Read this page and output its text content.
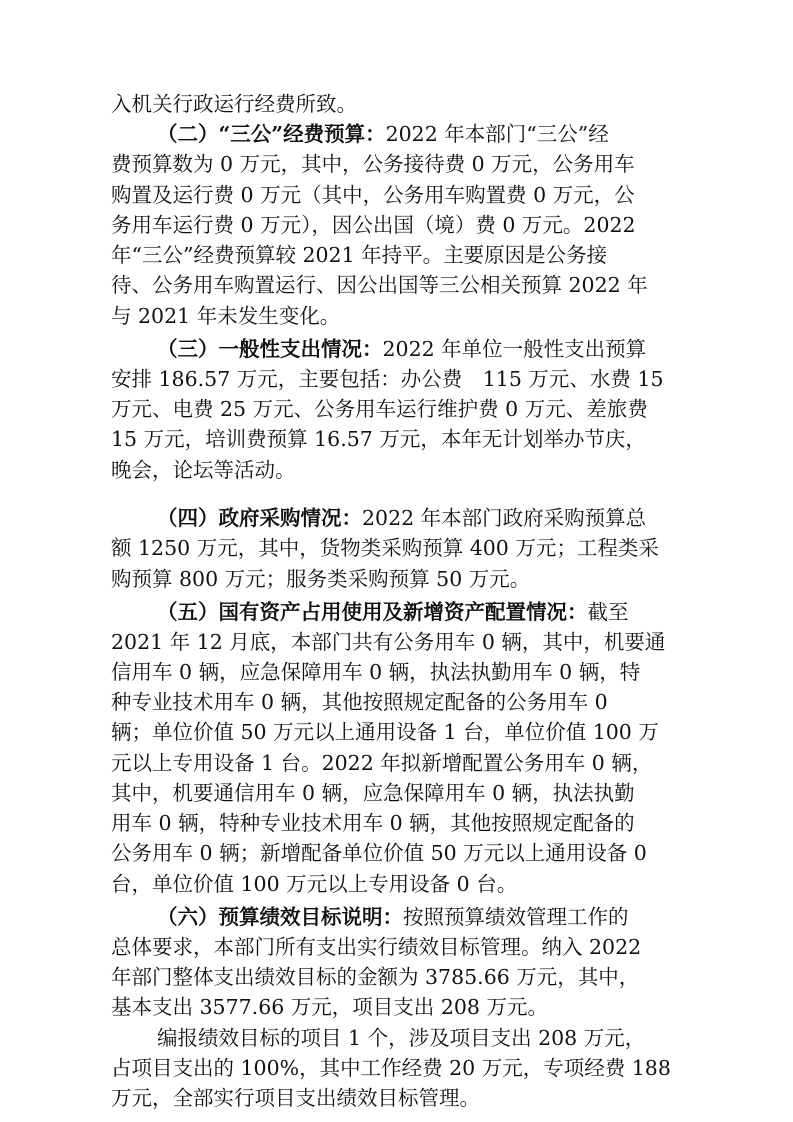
入机关行政运行经费所致。
（二）“三公”经费预算：2022 年本部门“三公”经
费预算数为 0 万元，其中，公务接待费 0 万元，公务用车
购置及运行费 0 万元（其中，公务用车购置费 0 万元，公
务用车运行费 0 万元），因公出国（境）费 0 万元。2022
年“三公”经费预算较 2021 年持平。主要原因是公务接
待、公务用车购置运行、因公出国等三公相关预算 2022 年
与 2021 年未发生变化。
（三）一般性支出情况：2022 年单位一般性支出预算
安排 186.57 万元，主要包括：办公费　115 万元、水费 15
万元、电费 25 万元、公务用车运行维护费 0 万元、差旅费
15 万元，培训费预算 16.57 万元，本年无计划举办节庆，
晚会，论坛等活动。
（四）政府采购情况：2022 年本部门政府采购预算总
额 1250 万元，其中，货物类采购预算 400 万元；工程类采
购预算 800 万元；服务类采购预算 50 万元。
（五）国有资产占用使用及新增资产配置情况：截至
2021 年 12 月底，本部门共有公务用车 0 辆，其中，机要通
信用车 0 辆，应急保障用车 0 辆，执法执勤用车 0 辆，特
种专业技术用车 0 辆，其他按照规定配备的公务用车 0
辆；单位价值 50 万元以上通用设备 1 台，单位价值 100 万
元以上专用设备 1 台。2022 年拟新增配置公务用车 0 辆，
其中，机要通信用车 0 辆，应急保障用车 0 辆，执法执勤
用车 0 辆，特种专业技术用车 0 辆，其他按照规定配备的
公务用车 0 辆；新增配备单位价值 50 万元以上通用设备 0
台，单位价值 100 万元以上专用设备 0 台。
（六）预算绩效目标说明：按照预算绩效管理工作的
总体要求，本部门所有支出实行绩效目标管理。纳入 2022
年部门整体支出绩效目标的金额为 3785.66 万元，其中，
基本支出 3577.66 万元，项目支出 208 万元。
编报绩效目标的项目 1 个，涉及项目支出 208 万元，
占项目支出的 100%，其中工作经费 20 万元，专项经费 188
万元，全部实行项目支出绩效目标管理。
